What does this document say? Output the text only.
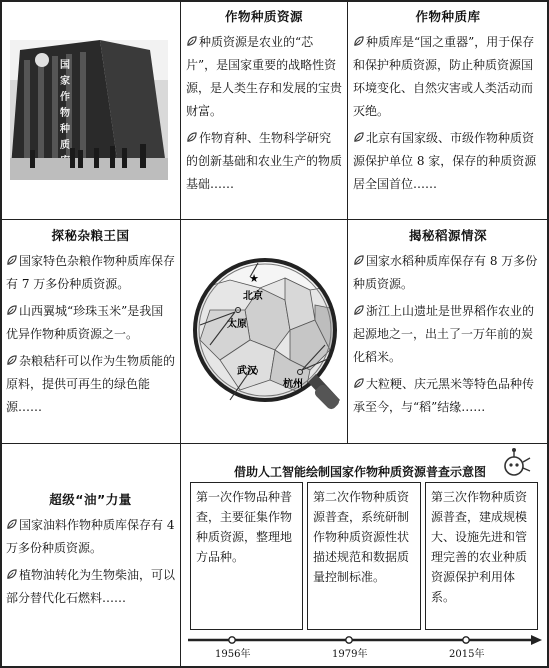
国
家
作
物
种
质
作物种质资源

种质资源是农业的“芯片”，是国家重要的战略性资源，是人类生存和发展的宝贵财富。

作物育种、生物科学研究的创新基础和农业生产的物质基础……

作物种质库

种质库是“国之重器”，用于保存和保护种质资源，防止种质资源国环境变化、自然灾害或人类活动而灭绝。

北京有国家级、市级作物种质资源保护单位 8 家，保存的种质资源居全国首位……

探秘杂粮王国

国家特色杂粮作物种质库保存有 7 万多份种质资源。

山西翼城“珍珠玉米”是我国优异作物种质资源之一。

杂粮秸秆可以作为生物质能的原料，提供可再生的绿色能源……

★
北京
太原
武汉
杭州
揭秘稻源情深

国家水稻种质库保存有 8 万多份种质资源。

浙江上山遗址是世界稻作农业的起源地之一，出土了一万年前的炭化稻米。

大粒粳、庆元黑米等特色品种传承至今，与“稻”结缘……

超级“油”力量

国家油料作物种质库保存有 4 万多份种质资源。

植物油转化为生物柴油，可以部分替代化石燃料……

借助人工智能绘制国家作物种质资源普查示意图
第一次作物品种普查，主要征集作物种质资源，整理地方品种。
第二次作物种质资源普查，系统研制作物种质资源性状描述规范和数据质量控制标准。
第三次作物种质资源普查，建成规模大、设施先进和管理完善的农业种质资源保护利用体系。
1956年	1979年	2015年
